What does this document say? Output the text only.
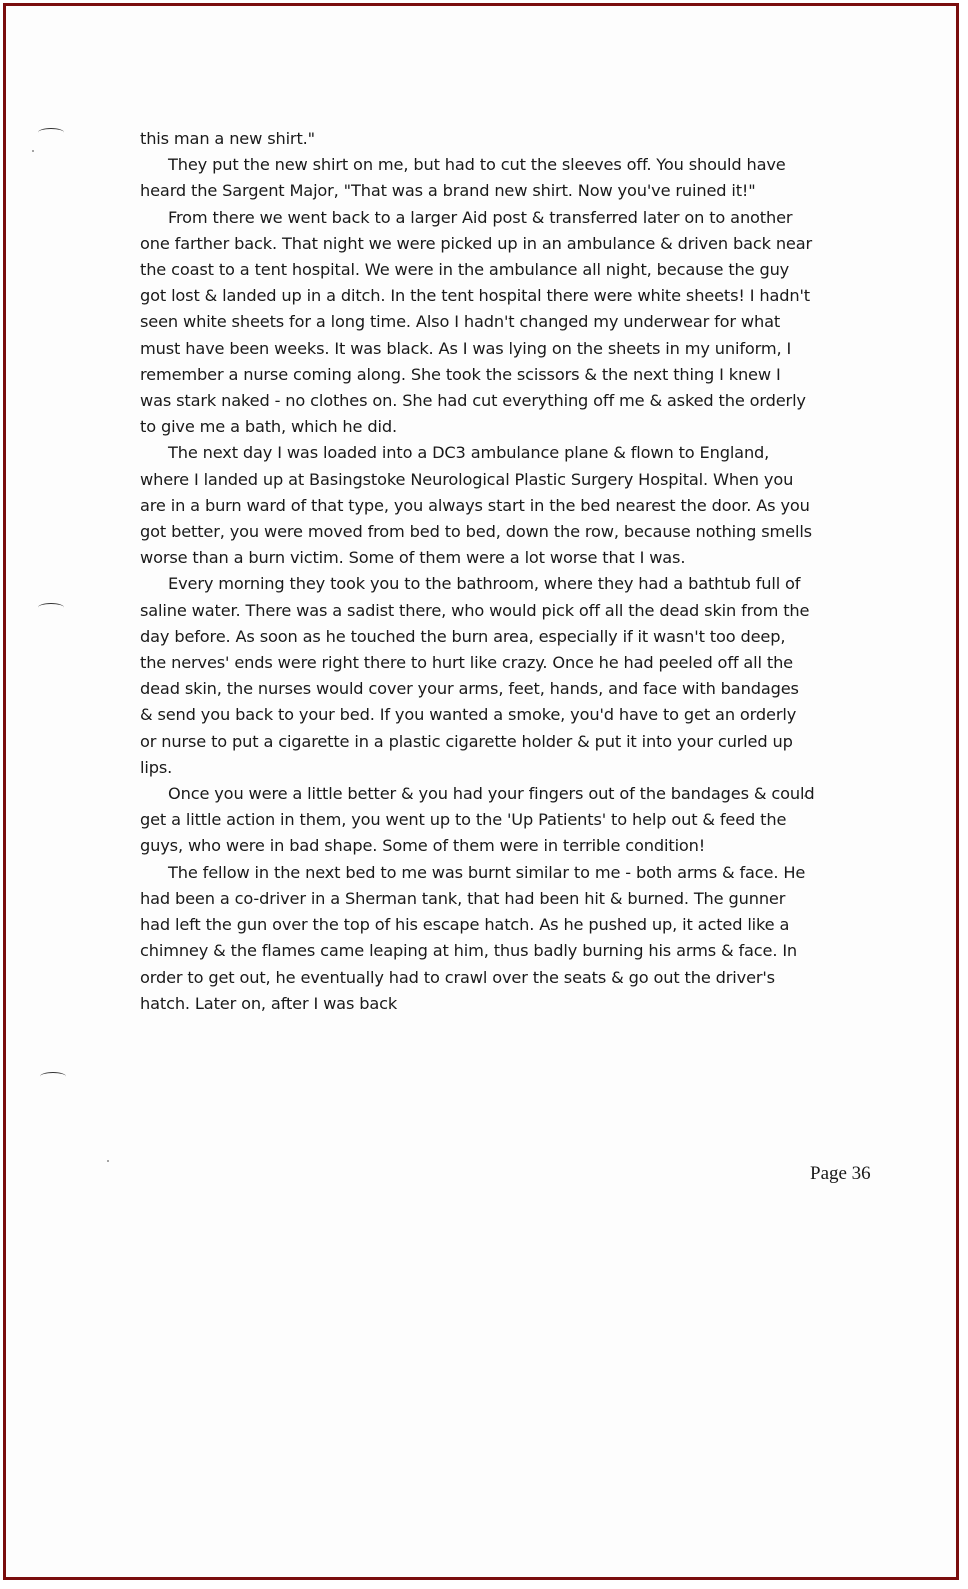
this man a new shirt."

They put the new shirt on me, but had to cut the sleeves off. You should have heard the Sargent Major, "That was a brand new shirt. Now you've ruined it!"

From there we went back to a larger Aid post & transferred later on to another one farther back. That night we were picked up in an ambulance & driven back near the coast to a tent hospital. We were in the ambulance all night, because the guy got lost & landed up in a ditch. In the tent hospital there were white sheets! I hadn't seen white sheets for a long time. Also I hadn't changed my underwear for what must have been weeks. It was black. As I was lying on the sheets in my uniform, I remember a nurse coming along. She took the scissors & the next thing I knew I was stark naked - no clothes on. She had cut everything off me & asked the orderly to give me a bath, which he did.

The next day I was loaded into a DC3 ambulance plane & flown to England, where I landed up at Basingstoke Neurological Plastic Surgery Hospital. When you are in a burn ward of that type, you always start in the bed nearest the door. As you got better, you were moved from bed to bed, down the row, because nothing smells worse than a burn victim. Some of them were a lot worse that I was.

Every morning they took you to the bathroom, where they had a bathtub full of saline water. There was a sadist there, who would pick off all the dead skin from the day before. As soon as he touched the burn area, especially if it wasn't too deep, the nerves' ends were right there to hurt like crazy. Once he had peeled off all the dead skin, the nurses would cover your arms, feet, hands, and face with bandages & send you back to your bed. If you wanted a smoke, you'd have to get an orderly or nurse to put a cigarette in a plastic cigarette holder & put it into your curled up lips.

Once you were a little better & you had your fingers out of the bandages & could get a little action in them, you went up to the 'Up Patients' to help out & feed the guys, who were in bad shape. Some of them were in terrible condition!

The fellow in the next bed to me was burnt similar to me - both arms & face. He had been a co-driver in a Sherman tank, that had been hit & burned. The gunner had left the gun over the top of his escape hatch. As he pushed up, it acted like a chimney & the flames came leaping at him, thus badly burning his arms & face. In order to get out, he eventually had to crawl over the seats & go out the driver's hatch. Later on, after I was back

Page 36
